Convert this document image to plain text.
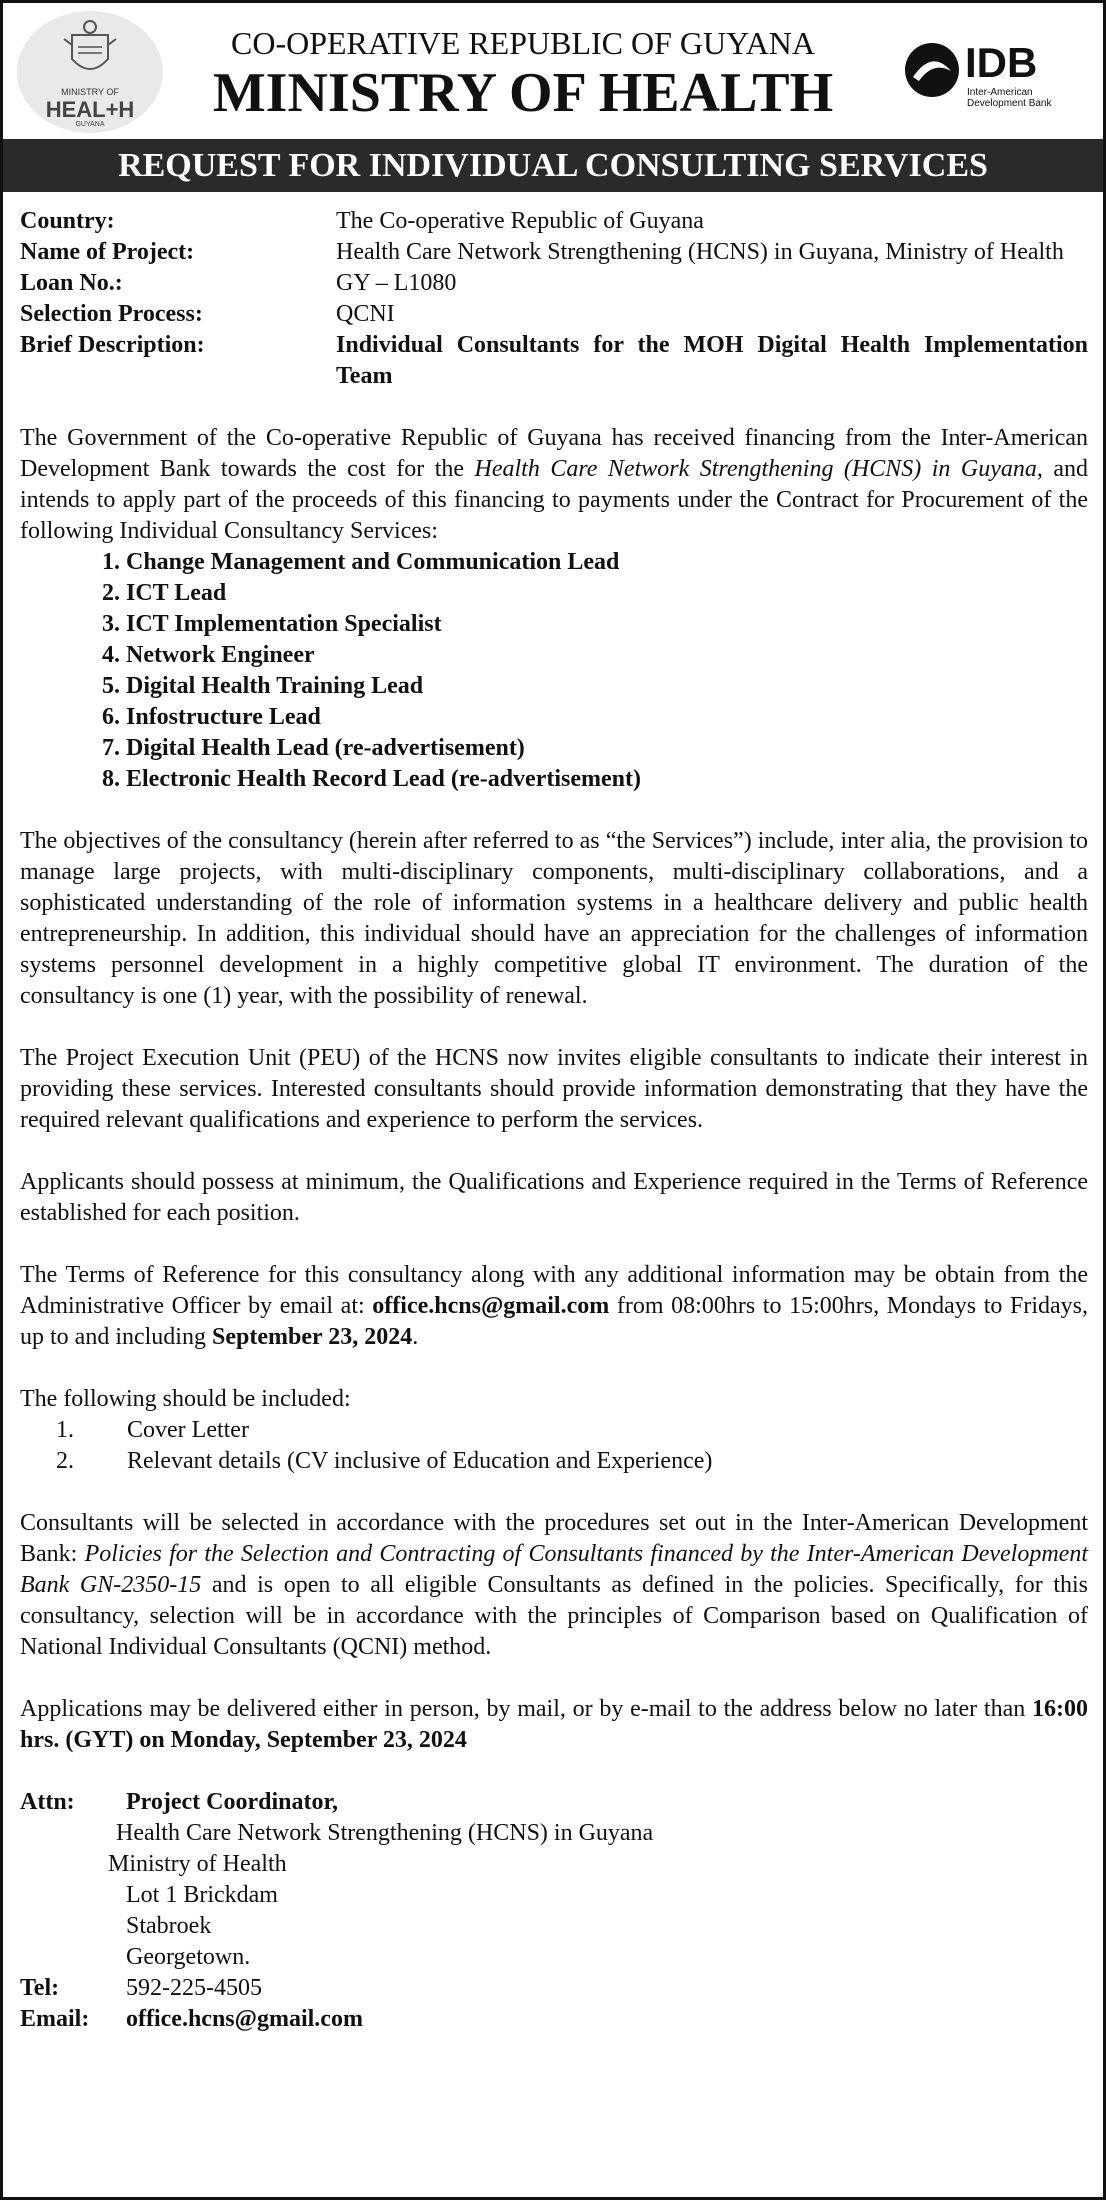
MINISTRY OF
HEAL+H
GUYANA
CO-OPERATIVE REPUBLIC OF GUYANA
MINISTRY OF HEALTH	IDB
Inter-American
Development Bank
REQUEST FOR INDIVIDUAL CONSULTING SERVICES
Country:	The Co-operative Republic of Guyana
Name of Project:	Health Care Network Strengthening (HCNS) in Guyana, Ministry of Health
Loan No.:	GY – L1080
Selection Process:	QCNI
Brief Description:	Individual Consultants for the MOH Digital Health Implementation Team

The Government of the Co-operative Republic of Guyana has received financing from the Inter-American Development Bank towards the cost for the Health Care Network Strengthening (HCNS) in Guyana, and intends to apply part of the proceeds of this financing to payments under the Contract for Procurement of the following Individual Consultancy Services:

1. Change Management and Communication Lead
2. ICT Lead
3. ICT Implementation Specialist
4. Network Engineer
5. Digital Health Training Lead
6. Infostructure Lead
7. Digital Health Lead (re-advertisement)
8. Electronic Health Record Lead (re-advertisement)

The objectives of the consultancy (herein after referred to as “the Services”) include, inter alia, the provision to manage large projects, with multi-disciplinary components, multi-disciplinary collaborations, and a sophisticated understanding of the role of information systems in a healthcare delivery and public health entrepreneurship. In addition, this individual should have an appreciation for the challenges of information systems personnel development in a highly competitive global IT environment. The duration of the consultancy is one (1) year, with the possibility of renewal.

The Project Execution Unit (PEU) of the HCNS now invites eligible consultants to indicate their interest in providing these services. Interested consultants should provide information demonstrating that they have the required relevant qualifications and experience to perform the services.

Applicants should possess at minimum, the Qualifications and Experience required in the Terms of Reference established for each position.

The Terms of Reference for this consultancy along with any additional information may be obtain from the Administrative Officer by email at: office.hcns@gmail.com from 08:00hrs to 15:00hrs, Mondays to Fridays, up to and including September 23, 2024.

The following should be included:
1.	Cover Letter
2.	Relevant details (CV inclusive of Education and Experience)

Consultants will be selected in accordance with the procedures set out in the Inter-American Development Bank: Policies for the Selection and Contracting of Consultants financed by the Inter-American Development Bank GN-2350-15 and is open to all eligible Consultants as defined in the policies. Specifically, for this consultancy, selection will be in accordance with the principles of Comparison based on Qualification of National Individual Consultants (QCNI) method.

Applications may be delivered either in person, by mail, or by e-mail to the address below no later than 16:00 hrs. (GYT) on Monday, September 23, 2024

Attn:	Project Coordinator,
Health Care Network Strengthening (HCNS) in Guyana
Ministry of Health
Lot 1 Brickdam
Stabroek
Georgetown.
Tel:	592-225-4505
Email:	office.hcns@gmail.com
